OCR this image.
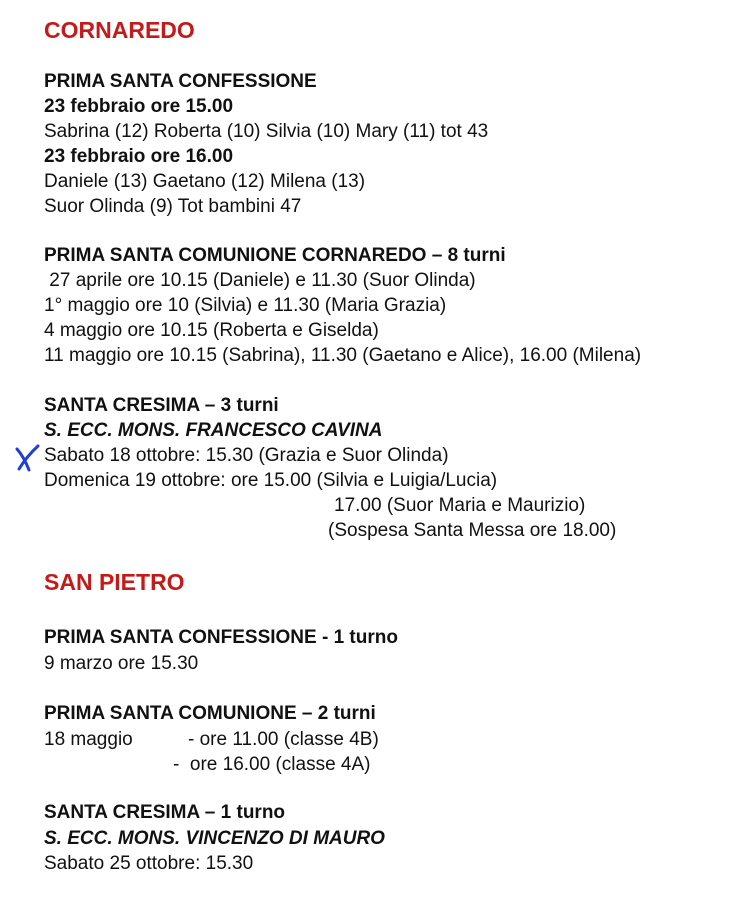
CORNAREDO
PRIMA SANTA CONFESSIONE
23 febbraio ore 15.00
Sabrina (12) Roberta (10) Silvia (10) Mary (11) tot 43
23 febbraio ore 16.00
Daniele (13) Gaetano (12) Milena (13)
Suor Olinda (9) Tot bambini 47
PRIMA SANTA COMUNIONE CORNAREDO – 8 turni
27 aprile ore 10.15 (Daniele) e 11.30 (Suor Olinda)
1° maggio ore 10 (Silvia) e 11.30 (Maria Grazia)
4 maggio ore 10.15 (Roberta e Giselda)
11 maggio ore 10.15 (Sabrina), 11.30 (Gaetano e Alice), 16.00 (Milena)
SANTA CRESIMA – 3 turni
S. ECC. MONS. FRANCESCO CAVINA
Sabato 18 ottobre: 15.30 (Grazia e Suor Olinda)
Domenica 19 ottobre: ore 15.00 (Silvia e Luigia/Lucia)
17.00 (Suor Maria e Maurizio)
(Sospesa Santa Messa ore 18.00)
SAN PIETRO
PRIMA SANTA CONFESSIONE - 1 turno
9 marzo ore 15.30
PRIMA SANTA COMUNIONE – 2 turni
18 maggio	- ore 11.00 (classe 4B)
-  ore 16.00 (classe 4A)
SANTA CRESIMA – 1 turno
S. ECC. MONS. VINCENZO DI MAURO
Sabato 25 ottobre: 15.30
